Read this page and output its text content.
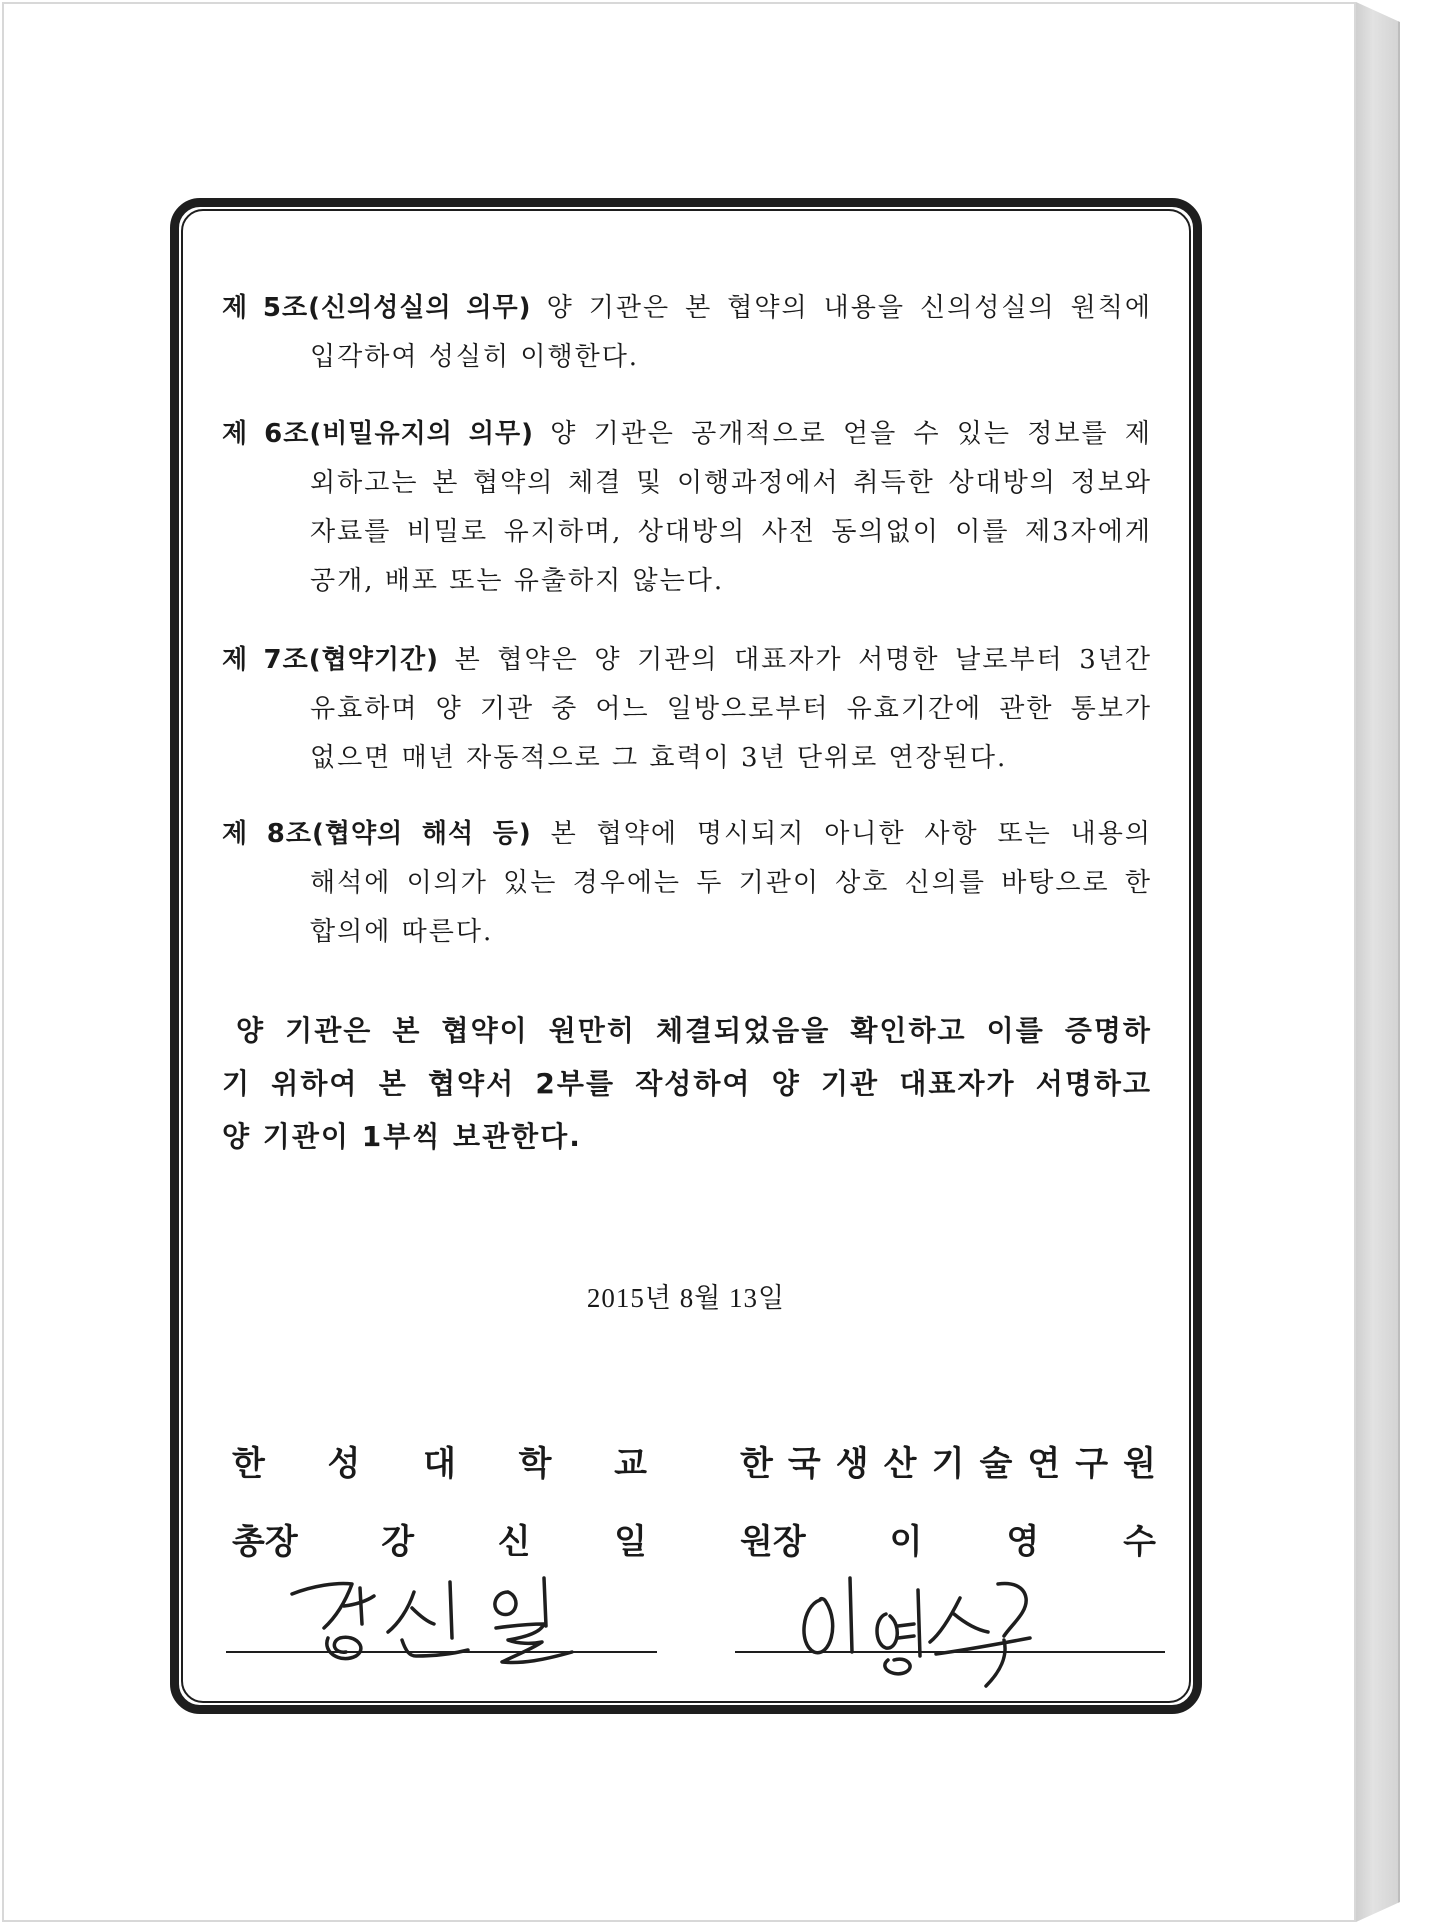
제 5조(신의성실의 의무) 양 기관은 본 협약의 내용을 신의성실의 원칙에
입각하여 성실히 이행한다.
제 6조(비밀유지의 의무) 양 기관은 공개적으로 얻을 수 있는 정보를 제
외하고는 본 협약의 체결 및 이행과정에서 취득한 상대방의 정보와
자료를 비밀로 유지하며, 상대방의 사전 동의없이 이를 제3자에게
공개, 배포 또는 유출하지 않는다.
제 7조(협약기간) 본 협약은 양 기관의 대표자가 서명한 날로부터 3년간
유효하며 양 기관 중 어느 일방으로부터 유효기간에 관한 통보가
없으면 매년 자동적으로 그 효력이 3년 단위로 연장된다.
제 8조(협약의 해석 등) 본 협약에 명시되지 아니한 사항 또는 내용의
해석에 이의가 있는 경우에는 두 기관이 상호 신의를 바탕으로 한
합의에 따른다.
양 기관은 본 협약이 원만히 체결되었음을 확인하고 이를 증명하
기 위하여 본 협약서 2부를 작성하여 양 기관 대표자가 서명하고
양 기관이 1부씩 보관한다.
2015년 8월 13일
한 성 대 학 교	한 국 생 산 기 술 연 구 원
총장 강 신 일	원장 이 영 수
